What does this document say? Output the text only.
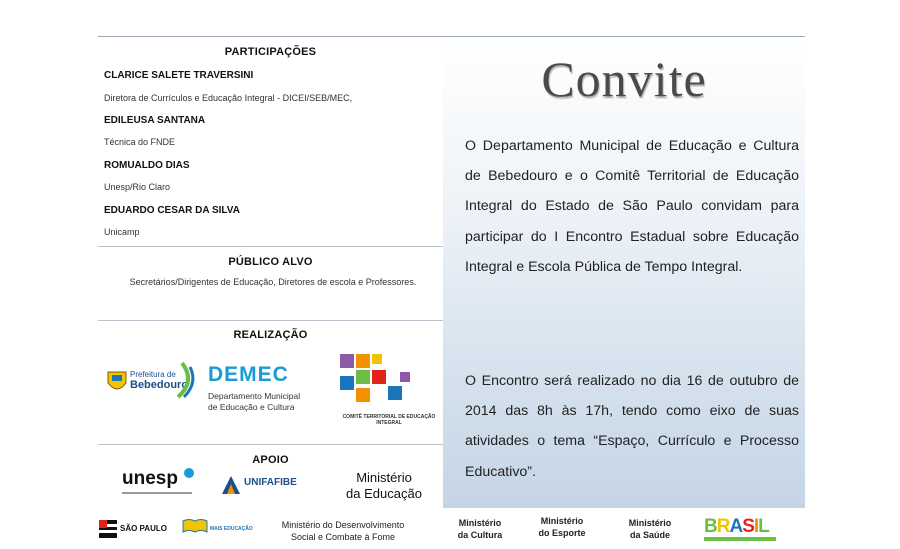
PARTICIPAÇÕES
CLARICE SALETE TRAVERSINI
Diretora de Currículos e Educação Integral - DICEI/SEB/MEC,
EDILEUSA SANTANA
Técnica do FNDE
ROMUALDO DIAS
Unesp/Rio Claro
EDUARDO CESAR DA SILVA
Unicamp
PÚBLICO ALVO
Secretários/Dirigentes de Educação, Diretores de escola e Professores.
REALIZAÇÃO
Prefeitura de
Bebedouro DEMEC
Departamento Municipal
de Educação e Cultura
COMITÊ TERRITORIAL DE EDUCAÇÃO INTEGRAL
APOIO
unesp	UNIFAFIBE	Ministério
da Educação
Convite
O Departamento Municipal de Educação e Cultura de Bebedouro e o Comitê Territorial de Educação Integral do Estado de São Paulo convidam para participar do I Encontro Estadual sobre Educação Integral e Escola Pública de Tempo Integral.
O Encontro será realizado no dia 16 de outubro de 2014 das 8h às 17h, tendo como eixo de suas atividades o tema “Espaço, Currículo e Processo Educativo”.
SÃO PAULO	MAIS EDUCAÇÃO	Ministério do Desenvolvimento
Social e Combate à Fome
Ministério
da Cultura
Ministério
do Esporte
Ministério
da Saúde	BRASIL
